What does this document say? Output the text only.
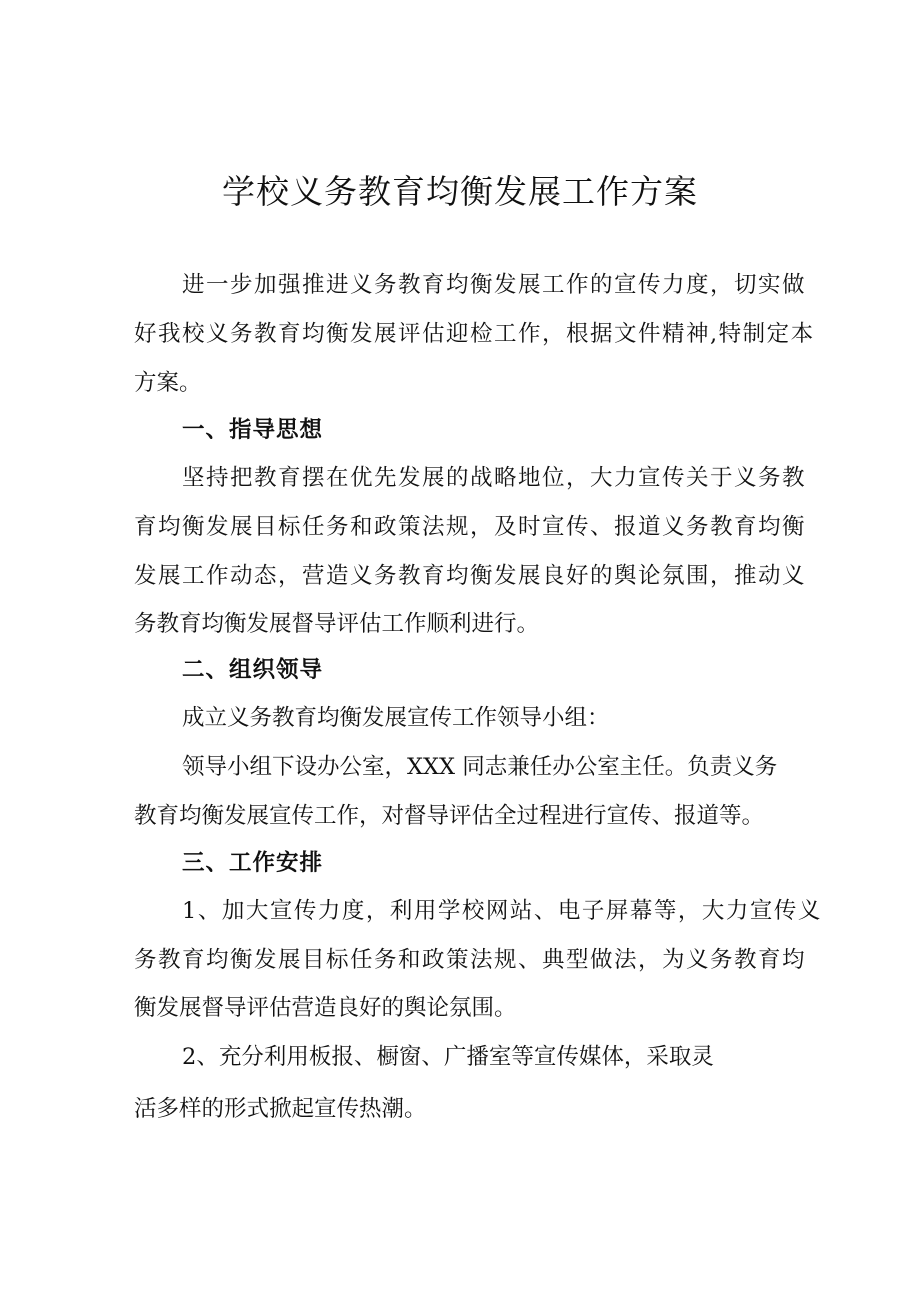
学校义务教育均衡发展工作方案

进一步加强推进义务教育均衡发展工作的宣传力度，切实做

好我校义务教育均衡发展评估迎检工作，根据文件精神,特制定本

方案。

一、指导思想

坚持把教育摆在优先发展的战略地位，大力宣传关于义务教

育均衡发展目标任务和政策法规，及时宣传、报道义务教育均衡

发展工作动态，营造义务教育均衡发展良好的舆论氛围，推动义

务教育均衡发展督导评估工作顺利进行。

二、组织领导

成立义务教育均衡发展宣传工作领导小组：

领导小组下设办公室，XXX 同志兼任办公室主任。负责义务

教育均衡发展宣传工作，对督导评估全过程进行宣传、报道等。

三、工作安排

1、加大宣传力度，利用学校网站、电子屏幕等，大力宣传义

务教育均衡发展目标任务和政策法规、典型做法，为义务教育均

衡发展督导评估营造良好的舆论氛围。

2、充分利用板报、橱窗、广播室等宣传媒体，采取灵

活多样的形式掀起宣传热潮。
